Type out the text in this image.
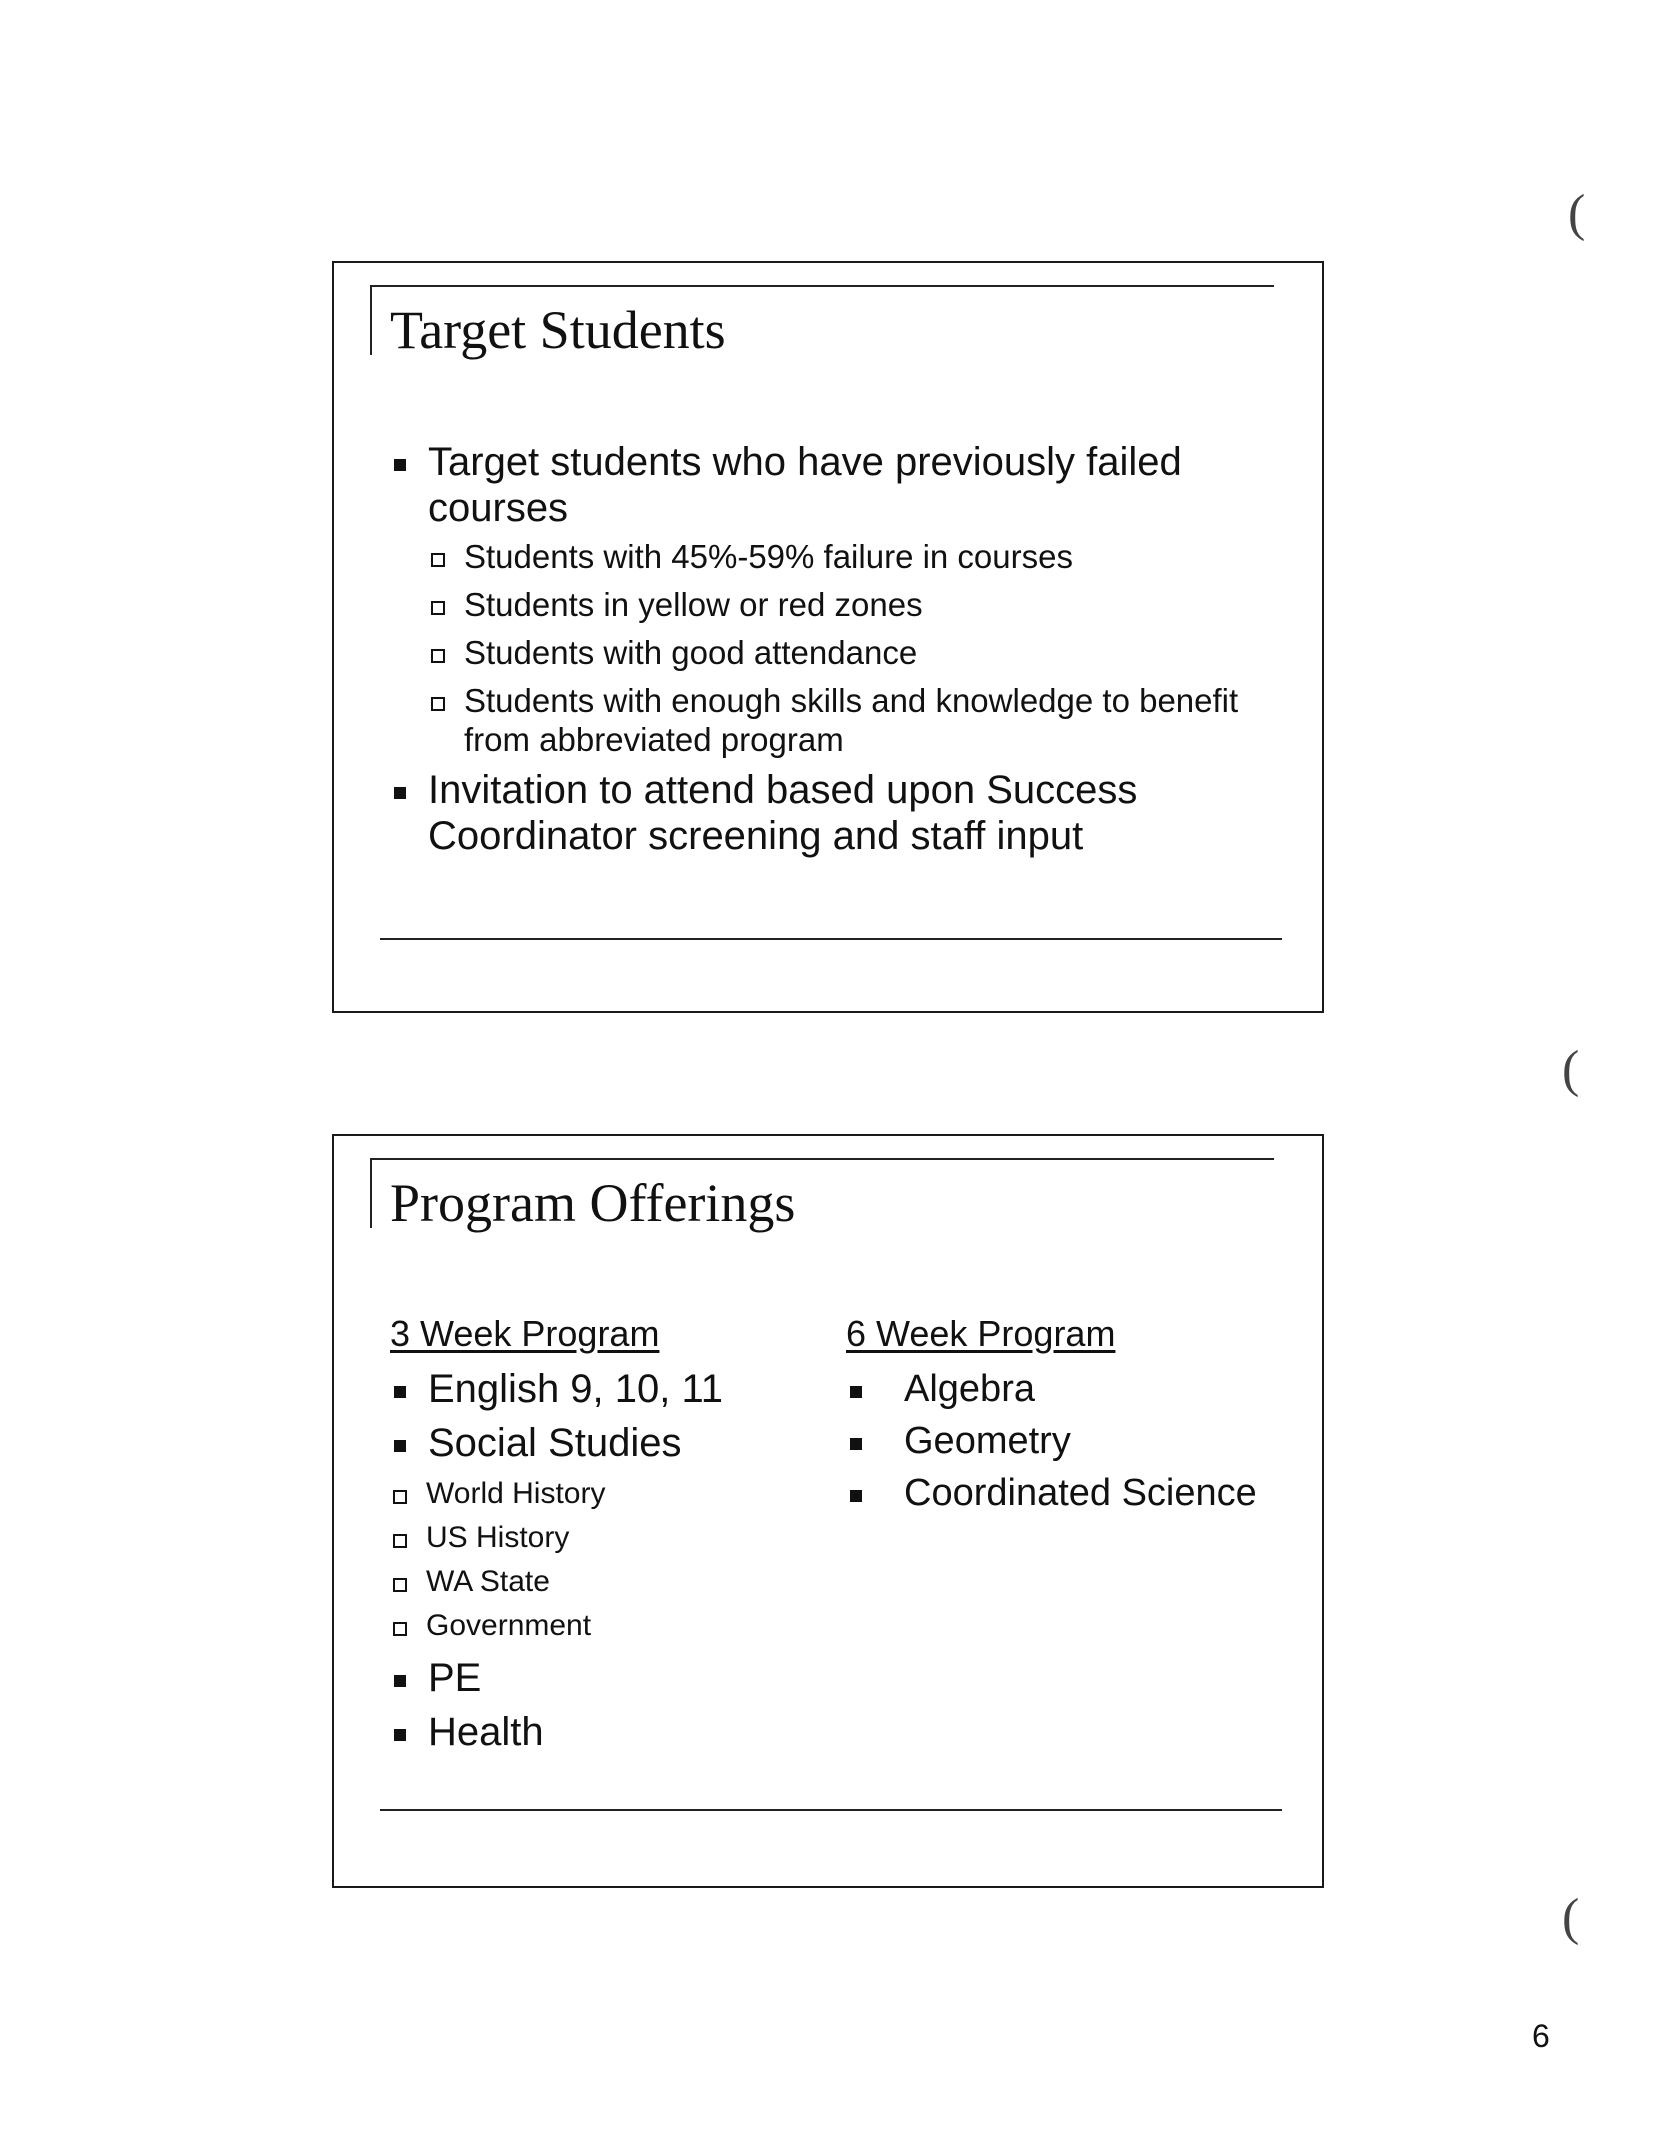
Target Students
Target students who have previously failed courses
Students with 45%-59% failure in courses
Students in yellow or red zones
Students with good attendance
Students with enough skills and knowledge to benefit from abbreviated program
Invitation to attend based upon Success Coordinator screening and staff input
Program Offerings
3 Week Program
English 9, 10, 11
Social Studies
World History
US History
WA State
Government
PE
Health
6 Week Program
Algebra
Geometry
Coordinated Science
(
(
(
6
